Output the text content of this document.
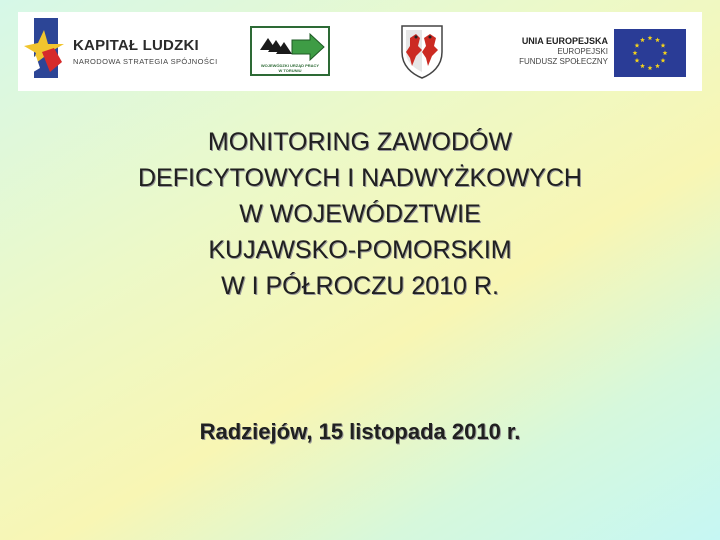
KAPITAŁ LUDZKI
NARODOWA STRATEGIA SPÓJNOŚCI	WOJEWÓDZKI URZĄD PRACY
W TORUNIU
UNIA EUROPEJSKA
EUROPEJSKI
FUNDUSZ SPOŁECZNY
MONITORING ZAWODÓW
DEFICYTOWYCH I NADWYŻKOWYCH
W WOJEWÓDZTWIE
KUJAWSKO-POMORSKIM
W I PÓŁROCZU 2010 R.
Radziejów, 15 listopada 2010 r.
